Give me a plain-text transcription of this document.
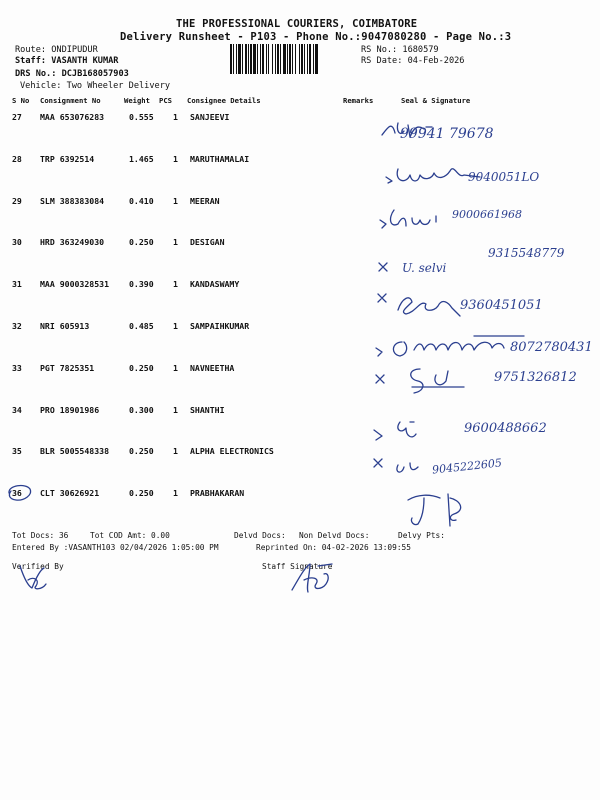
THE PROFESSIONAL COURIERS, COIMBATORE
Delivery Runsheet - P103 - Phone No.:9047080280 - Page No.:3
Route: ONDIPUDUR
Staff: VASANTH KUMAR
DRS No.: DCJB168057903
Vehicle: Two Wheeler Delivery
RS No.: 1680579
RS Date: 04-Feb-2026
S No Consignment No	Weight PCS Consignee Details	Remarks	Seal & Signature
27 MAA 653076283	0.555 1 SANJEEVI
28 TRP 6392514	1.465 1 MARUTHAMALAI
29 SLM 388383084	0.410 1 MEERAN
30 HRD 363249030	0.250 1 DESIGAN
31 MAA 9000328531 0.390 1 KANDASWAMY
32 NRI 605913	0.485 1 SAMPAIHKUMAR
33 PGT 7825351	0.250 1 NAVNEETHA
34 PRO 18901986	0.300 1 SHANTHI
35 BLR 5005548338 0.250 1 ALPHA ELECTRONICS
36 CLT 30626921	0.250 1 PRABHAKARAN
99941 79678
9040051LO
9000661968
9315548779
U. selvi
9360451051
8072780431
9751326812
9600488662
9045222605
Tot Docs: 36	Tot COD Amt: 0.00	Delvd Docs: Non Delvd Docs:	Delvy Pts:
Entered By :VASANTH103 02/04/2026 1:05:00 PM	Reprinted On: 04-02-2026 13:09:55
Verified By	Staff Signature
